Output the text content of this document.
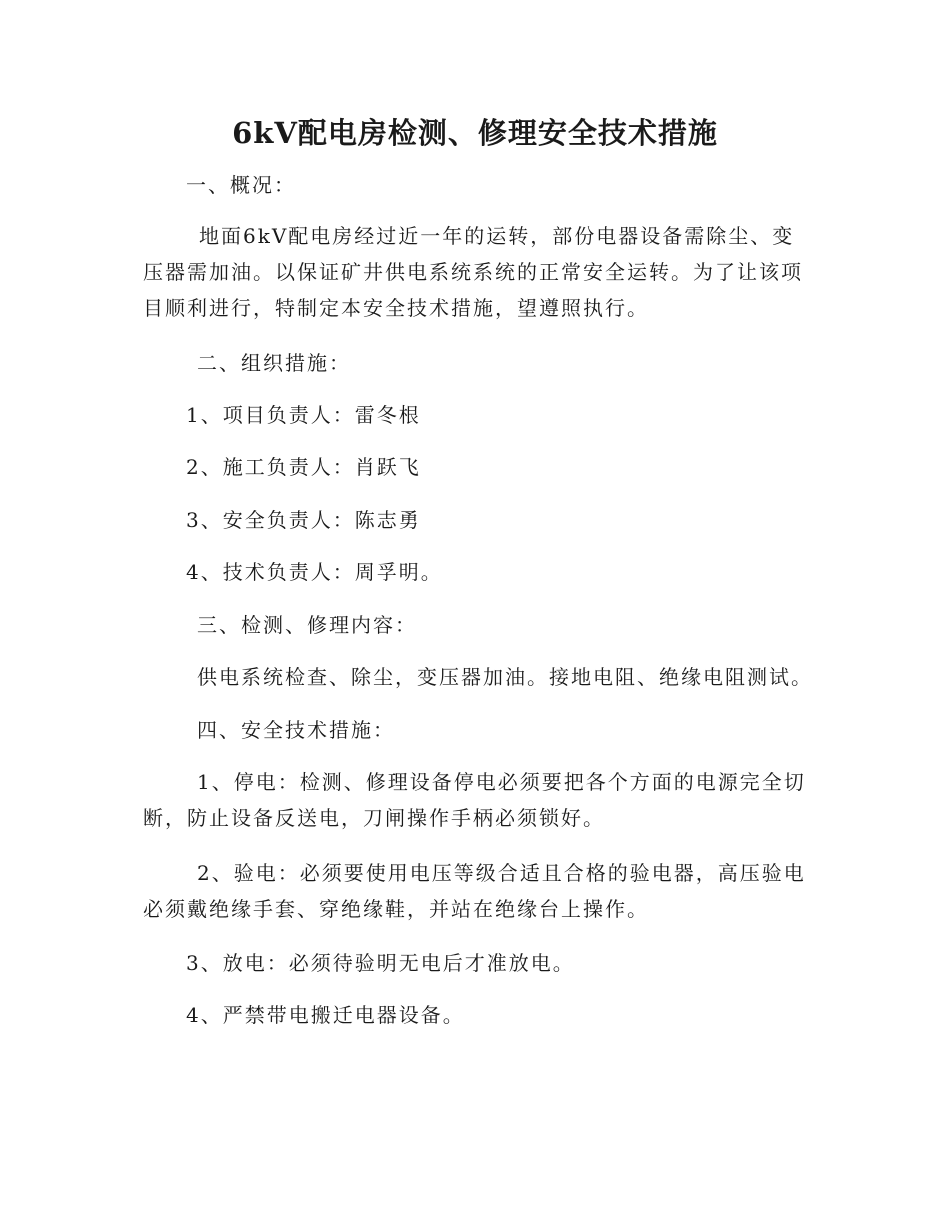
6kV配电房检测、修理安全技术措施

一、概况：

地面6kV配电房经过近一年的运转，部份电器设备需除尘、变压器需加油。以保证矿井供电系统系统的正常安全运转。为了让该项目顺利进行，特制定本安全技术措施，望遵照执行。

二、组织措施：

1、项目负责人：雷冬根

2、施工负责人：肖跃飞

3、安全负责人：陈志勇

4、技术负责人：周孚明。

三、检测、修理内容：

供电系统检查、除尘，变压器加油。接地电阻、绝缘电阻测试。

四、安全技术措施：

1、停电：检测、修理设备停电必须要把各个方面的电源完全切断，防止设备反送电，刀闸操作手柄必须锁好。

2、验电：必须要使用电压等级合适且合格的验电器，高压验电必须戴绝缘手套、穿绝缘鞋，并站在绝缘台上操作。

3、放电：必须待验明无电后才准放电。

4、严禁带电搬迁电器设备。
